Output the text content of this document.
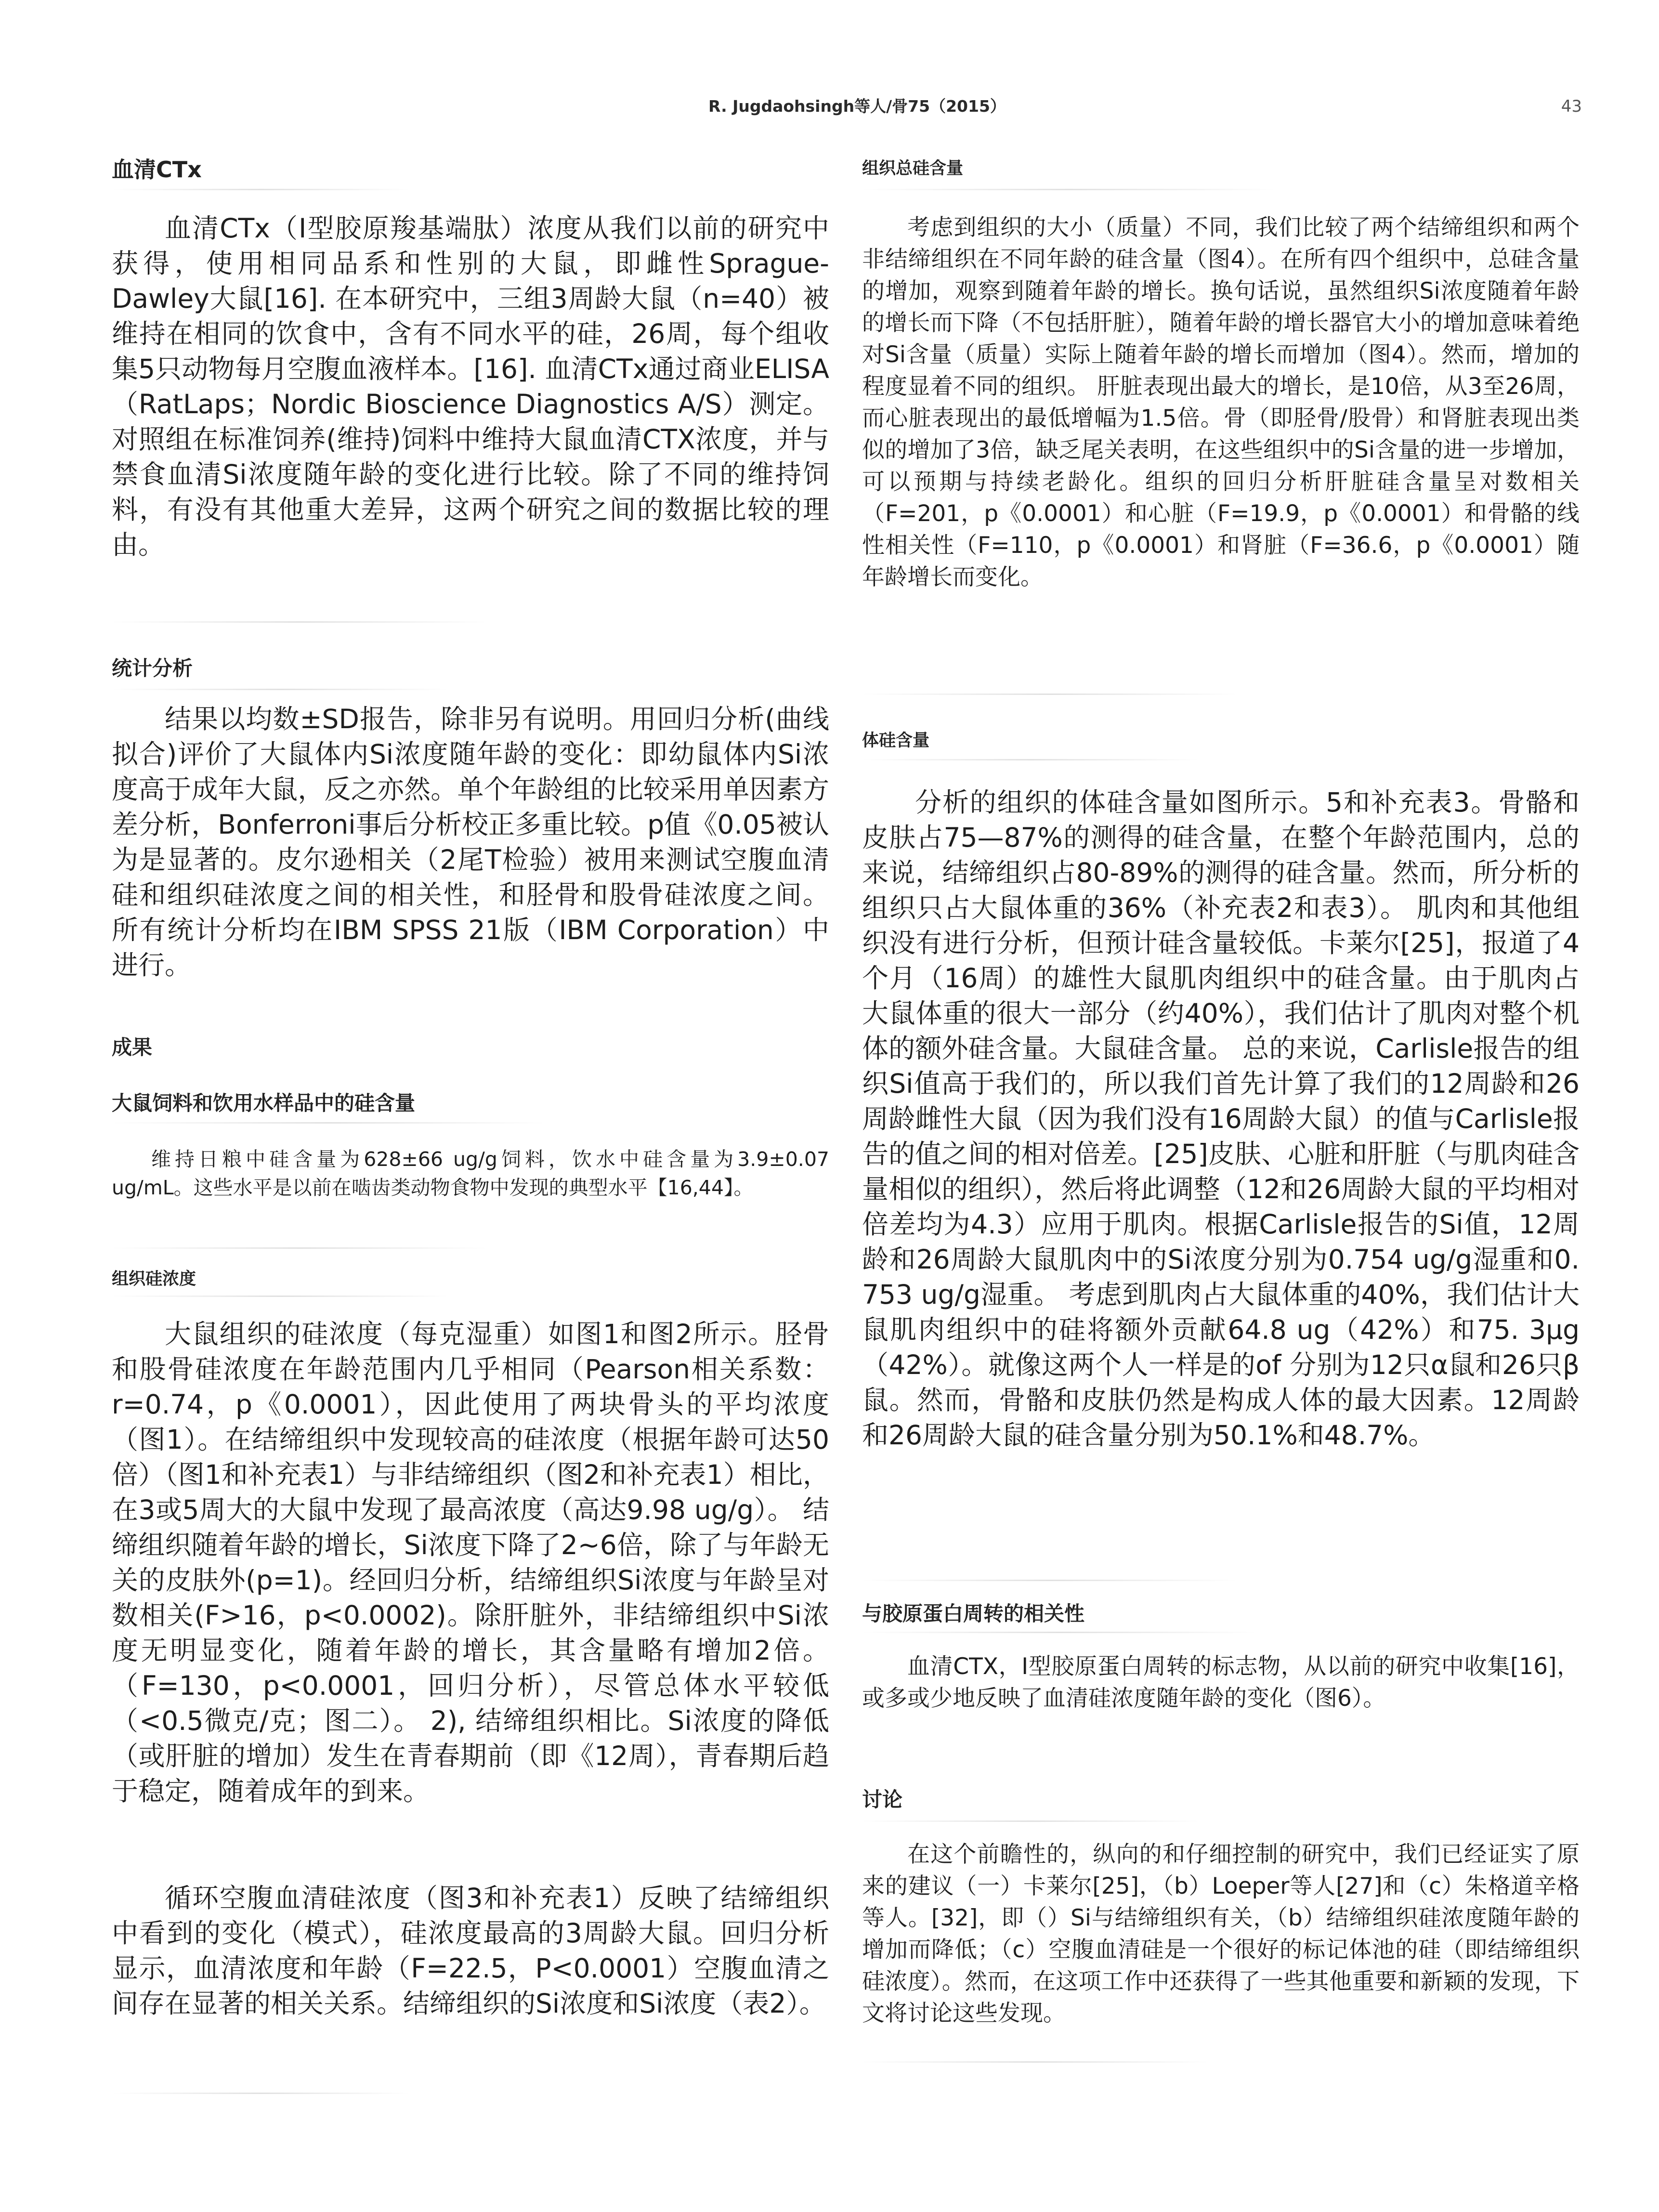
R. Jugdaohsingh等人/骨75（2015）	43
血清CTx
血清CTx（I型胶原羧基端肽）浓度从我们以前的研究中获得，使用相同品系和性别的大鼠，即雌性Sprague-Dawley大鼠[16]. 在本研究中，三组3周龄大鼠（n=40）被维持在相同的饮食中，含有不同水平的硅，26周，每个组收集5只动物每月空腹血液样本。[16]. 血清CTx通过商业ELISA（RatLaps；Nordic Bioscience Diagnostics A/S）测定。 对照组在标准饲养(维持)饲料中维持大鼠血清CTX浓度，并与禁食血清Si浓度随年龄的变化进行比较。除了不同的维持饲料，有没有其他重大差异，这两个研究之间的数据比较的理由。
统计分析
结果以均数±SD报告，除非另有说明。用回归分析(曲线拟合)评价了大鼠体内Si浓度随年龄的变化：即幼鼠体内Si浓度高于成年大鼠，反之亦然。单个年龄组的比较采用单因素方差分析，Bonferroni事后分析校正多重比较。p值《0.05被认为是显著的。皮尔逊相关（2尾T检验）被用来测试空腹血清硅和组织硅浓度之间的相关性，和胫骨和股骨硅浓度之间。 所有统计分析均在IBM SPSS 21版（IBM Corporation）中进行。
成果
大鼠饲料和饮用水样品中的硅含量
维持日粮中硅含量为628±66 ug/g饲料，饮水中硅含量为3.9±0.07 ug/mL。这些水平是以前在啮齿类动物食物中发现的典型水平【16,44】。
组织硅浓度
大鼠组织的硅浓度（每克湿重）如图1和图2所示。胫骨和股骨硅浓度在年龄范围内几乎相同（Pearson相关系数：r=0.74，p《0.0001），因此使用了两块骨头的平均浓度（图1）。在结缔组织中发现较高的硅浓度（根据年龄可达50倍）（图1和补充表1）与非结缔组织（图2和补充表1）相比，在3或5周大的大鼠中发现了最高浓度（高达9.98 ug/g）。 结缔组织随着年龄的增长，Si浓度下降了2~6倍，除了与年龄无关的皮肤外(p=1)。经回归分析，结缔组织Si浓度与年龄呈对数相关(F>16，p<0.0002)。除肝脏外，非结缔组织中Si浓度无明显变化，随着年龄的增长，其含量略有增加2倍。（F=130，p<0.0001，回归分析），尽管总体水平较低（<0.5微克/克；图二）。 2), 结缔组织相比。Si浓度的降低（或肝脏的增加）发生在青春期前（即《12周），青春期后趋于稳定，随着成年的到来。
循环空腹血清硅浓度（图3和补充表1）反映了结缔组织中看到的变化（模式），硅浓度最高的3周龄大鼠。回归分析显示，血清浓度和年龄（F=22.5，P<0.0001）空腹血清之间存在显著的相关关系。结缔组织的Si浓度和Si浓度（表2）。
组织总硅含量
考虑到组织的大小（质量）不同，我们比较了两个结缔组织和两个非结缔组织在不同年龄的硅含量（图4）。在所有四个组织中，总硅含量的增加，观察到随着年龄的增长。换句话说，虽然组织Si浓度随着年龄的增长而下降（不包括肝脏），随着年龄的增长器官大小的增加意味着绝对Si含量（质量）实际上随着年龄的增长而增加（图4）。然而，增加的程度显着不同的组织。 肝脏表现出最大的增长，是10倍，从3至26周，而心脏表现出的最低增幅为1.5倍。骨（即胫骨/股骨）和肾脏表现出类似的增加了3倍，缺乏尾关表明，在这些组织中的Si含量的进一步增加，可以预期与持续老龄化。组织的回归分析肝脏硅含量呈对数相关（F=201，p《0.0001）和心脏（F=19.9，p《0.0001）和骨骼的线性相关性（F=110，p《0.0001）和肾脏（F=36.6，p《0.0001）随年龄增长而变化。
体硅含量
分析的组织的体硅含量如图所示。5和补充表3。骨骼和皮肤占75—87%的测得的硅含量，在整个年龄范围内，总的来说，结缔组织占80-89%的测得的硅含量。然而，所分析的组织只占大鼠体重的36%（补充表2和表3）。 肌肉和其他组织没有进行分析，但预计硅含量较低。卡莱尔[25]，报道了4个月（16周）的雄性大鼠肌肉组织中的硅含量。由于肌肉占大鼠体重的很大一部分（约40%），我们估计了肌肉对整个机体的额外硅含量。大鼠硅含量。 总的来说，Carlisle报告的组织Si值高于我们的，所以我们首先计算了我们的12周龄和26周龄雌性大鼠（因为我们没有16周龄大鼠）的值与Carlisle报告的值之间的相对倍差。[25]皮肤、心脏和肝脏（与肌肉硅含量相似的组织），然后将此调整（12和26周龄大鼠的平均相对倍差均为4.3）应用于肌肉。根据Carlisle报告的Si值，12周龄和26周龄大鼠肌肉中的Si浓度分别为0.754 ug/g湿重和0. 753 ug/g湿重。 考虑到肌肉占大鼠体重的40%，我们估计大鼠肌肉组织中的硅将额外贡献64.8 ug（42%）和75. 3μg（42%）。就像这两个人一样是的of 分别为12只α鼠和26只β鼠。然而，骨骼和皮肤仍然是构成人体的最大因素。12周龄和26周龄大鼠的硅含量分别为50.1%和48.7%。
与胶原蛋白周转的相关性
血清CTX，I型胶原蛋白周转的标志物，从以前的研究中收集[16]，或多或少地反映了血清硅浓度随年龄的变化（图6）。
讨论
在这个前瞻性的，纵向的和仔细控制的研究中，我们已经证实了原来的建议（一）卡莱尔[25]，（b）Loeper等人[27]和（c）朱格道辛格等人。[32]，即（）Si与结缔组织有关，（b）结缔组织硅浓度随年龄的增加而降低；（c）空腹血清硅是一个很好的标记体池的硅（即结缔组织硅浓度）。然而，在这项工作中还获得了一些其他重要和新颖的发现，下文将讨论这些发现。
